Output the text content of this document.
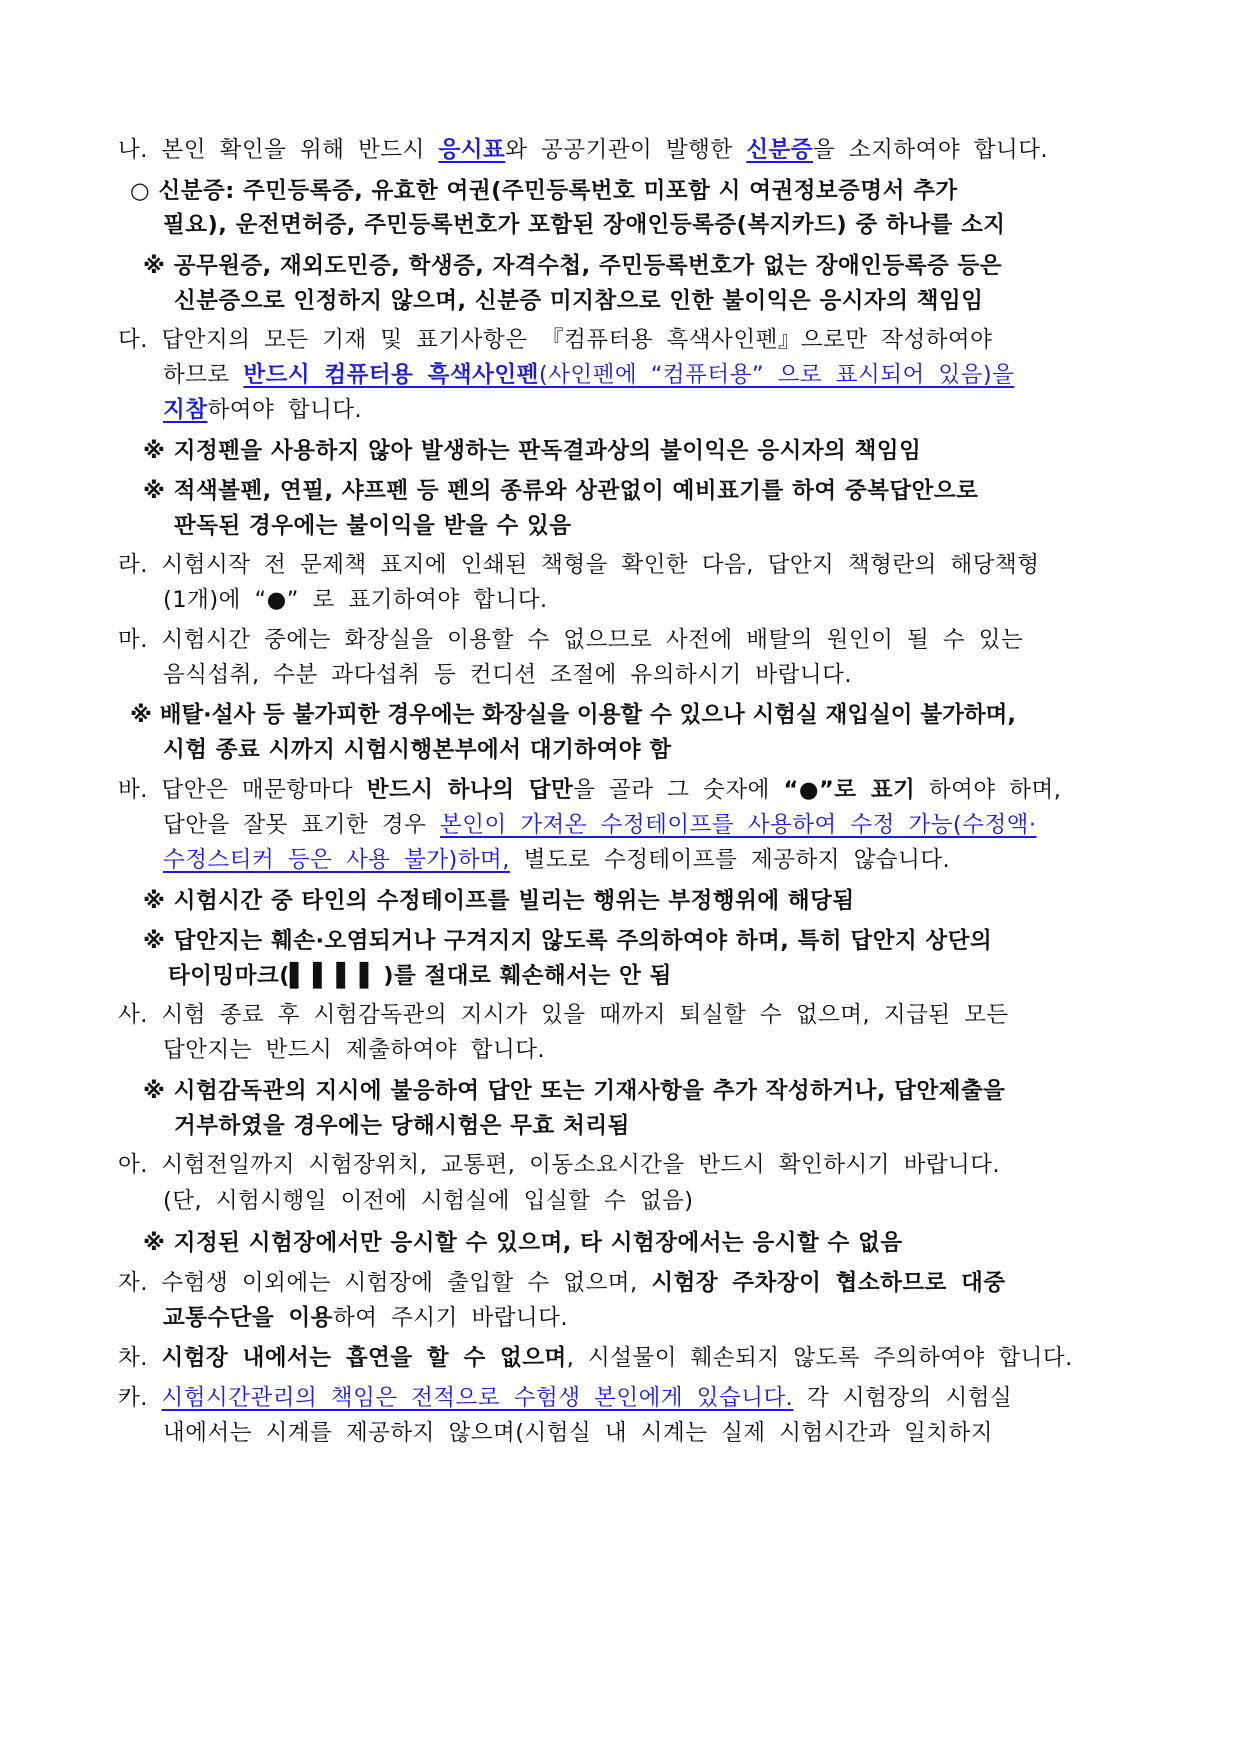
나. 본인 확인을 위해 반드시 응시표와 공공기관이 발행한 신분증을 소지하여야 합니다.
○ 신분증: 주민등록증, 유효한 여권(주민등록번호 미포함 시 여권정보증명서 추가
필요), 운전면허증, 주민등록번호가 포함된 장애인등록증(복지카드) 중 하나를 소지
※ 공무원증, 재외도민증, 학생증, 자격수첩, 주민등록번호가 없는 장애인등록증 등은
신분증으로 인정하지 않으며, 신분증 미지참으로 인한 불이익은 응시자의 책임임
다. 답안지의 모든 기재 및 표기사항은 『컴퓨터용 흑색사인펜』으로만 작성하여야
하므로 반드시 컴퓨터용 흑색사인펜(사인펜에 “컴퓨터용” 으로 표시되어 있음)을
지참하여야 합니다.
※ 지정펜을 사용하지 않아 발생하는 판독결과상의 불이익은 응시자의 책임임
※ 적색볼펜, 연필, 샤프펜 등 펜의 종류와 상관없이 예비표기를 하여 중복답안으로
판독된 경우에는 불이익을 받을 수 있음
라. 시험시작 전 문제책 표지에 인쇄된 책형을 확인한 다음, 답안지 책형란의 해당책형
(1개)에 “●” 로 표기하여야 합니다.
마. 시험시간 중에는 화장실을 이용할 수 없으므로 사전에 배탈의 원인이 될 수 있는
음식섭취, 수분 과다섭취 등 컨디션 조절에 유의하시기 바랍니다.
※ 배탈·설사 등 불가피한 경우에는 화장실을 이용할 수 있으나 시험실 재입실이 불가하며,
시험 종료 시까지 시험시행본부에서 대기하여야 함
바. 답안은 매문항마다 반드시 하나의 답만을 골라 그 숫자에 “●”로 표기 하여야 하며,
답안을 잘못 표기한 경우 본인이 가져온 수정테이프를 사용하여 수정 가능(수정액·
수정스티커 등은 사용 불가)하며, 별도로 수정테이프를 제공하지 않습니다.
※ 시험시간 중 타인의 수정테이프를 빌리는 행위는 부정행위에 해당됨
※ 답안지는 훼손·오염되거나 구겨지지 않도록 주의하여야 하며, 특히 답안지 상단의
타이밍마크(▌▌▌▌)를 절대로 훼손해서는 안 됨
사. 시험 종료 후 시험감독관의 지시가 있을 때까지 퇴실할 수 없으며, 지급된 모든
답안지는 반드시 제출하여야 합니다.
※ 시험감독관의 지시에 불응하여 답안 또는 기재사항을 추가 작성하거나, 답안제출을
거부하였을 경우에는 당해시험은 무효 처리됨
아. 시험전일까지 시험장위치, 교통편, 이동소요시간을 반드시 확인하시기 바랍니다.
(단, 시험시행일 이전에 시험실에 입실할 수 없음)
※ 지정된 시험장에서만 응시할 수 있으며, 타 시험장에서는 응시할 수 없음
자. 수험생 이외에는 시험장에 출입할 수 없으며, 시험장 주차장이 협소하므로 대중
교통수단을 이용하여 주시기 바랍니다.
차. 시험장 내에서는 흡연을 할 수 없으며, 시설물이 훼손되지 않도록 주의하여야 합니다.
카. 시험시간관리의 책임은 전적으로 수험생 본인에게 있습니다. 각 시험장의 시험실
내에서는 시계를 제공하지 않으며(시험실 내 시계는 실제 시험시간과 일치하지
